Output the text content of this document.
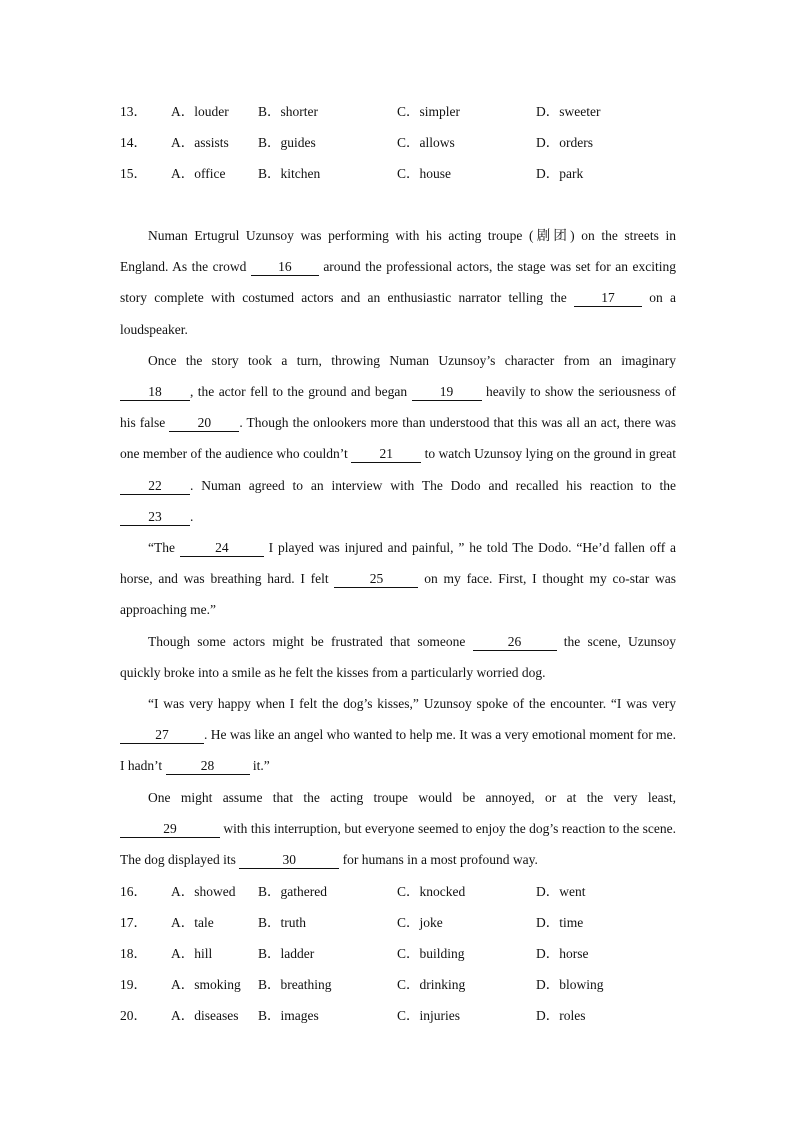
13． A．louder B．shorter	C．simpler	D．sweeter
14． A．assists B．guides	C．allows	D．orders
15． A．office B．kitchen	C．house	D．park

Numan Ertugrul Uzunsoy was performing with his acting troupe (剧团) on the streets in England. As the crowd 16 around the professional actors, the stage was set for an exciting story complete with costumed actors and an enthusiastic narrator telling the 17 on a loudspeaker.

Once the story took a turn, throwing Numan Uzunsoy’s character from an imaginary 18 , the actor fell to the ground and began 19 heavily to show the seriousness of his false 20 . Though the onlookers more than understood that this was all an act, there was one member of the audience who couldn’t 21 to watch Uzunsoy lying on the ground in great 22 . Numan agreed to an interview with The Dodo and recalled his reaction to the 23 .

“The	24	I played was injured and painful, ” he told The Dodo. “He’d fallen off a horse, and was breathing hard. I felt	25	on my face. First, I thought my co-star was approaching me.”

Though some actors might be frustrated that someone	26	the scene, Uzunsoy quickly broke into a smile as he felt the kisses from a particularly worried dog.

“I was very happy when I felt the dog’s kisses,” Uzunsoy spoke of the encounter. “I was very 27	. He was like an angel who wanted to help me. It was a very emotional moment for me. I hadn’t	28	it.”

One might assume that the acting troupe would be annoyed, or at the very least, 29	with this interruption, but everyone seemed to enjoy the dog’s reaction to the scene. The dog displayed its	30	for humans in a most profound way.

16． A．showed B．gathered	C．knocked	D．went
17． A．tale	B．truth	C．joke	D．time
18． A．hill	B．ladder	C．building	D．horse
19． A．smoking B．breathing	C．drinking	D．blowing
20． A．diseases B．images	C．injuries	D．roles
